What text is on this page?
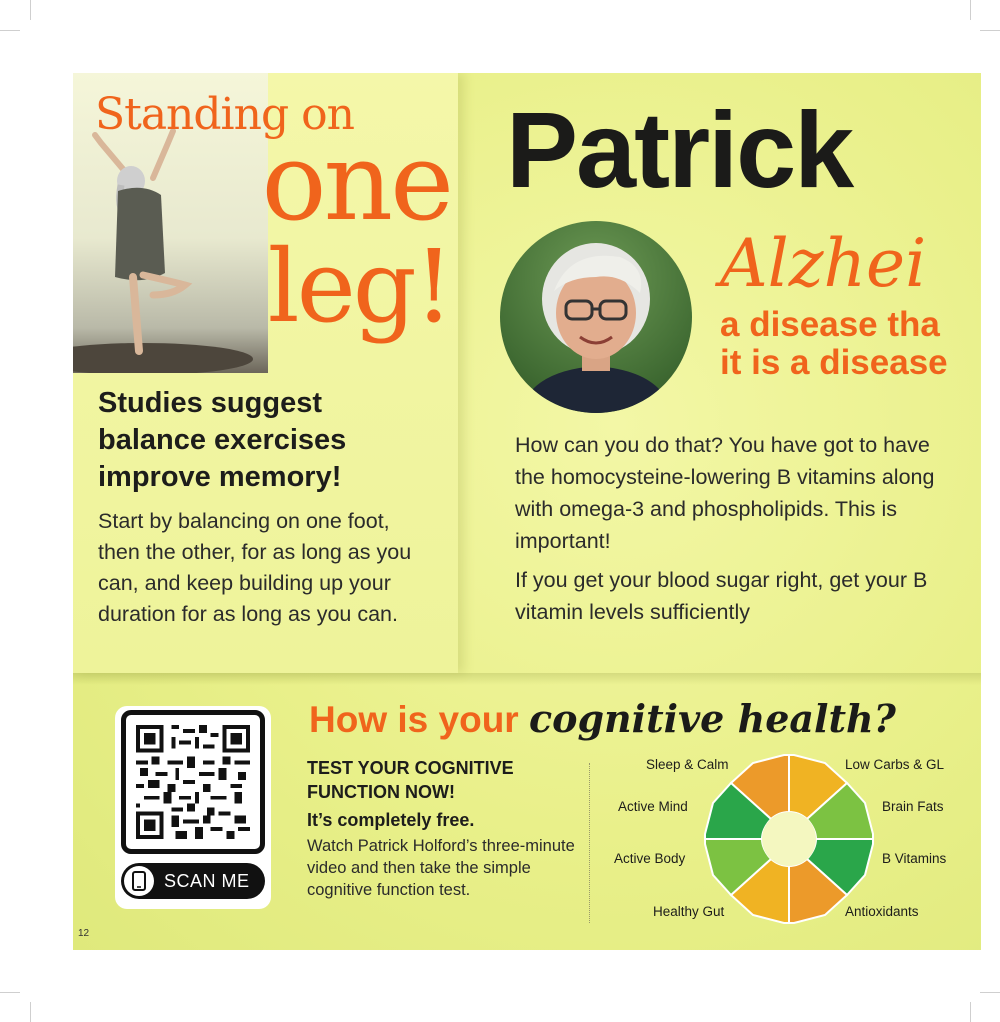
Standing on
one
leg!
Studies suggest balance exercises improve memory!
Start by balancing on one foot, then the other, for as long as you can, and keep building up your duration for as long as you can.
Patrick
Alzhei
a disease tha
it is a disease
How can you do that? You have got to have the homocysteine-lowering B vitamins along with omega-3 and phospholipids. This is important!
If you get your blood sugar right, get your B vitamin levels sufficiently
SCAN ME
How is your cognitive health?
TEST YOUR COGNITIVE FUNCTION NOW!
It’s completely free.
Watch Patrick Holford’s three-minute video and then take the simple cognitive function test.
Sleep & Calm	Low Carbs & GL
Active Mind	Brain Fats
Active Body	B Vitamins
Healthy Gut	Antioxidants
12
